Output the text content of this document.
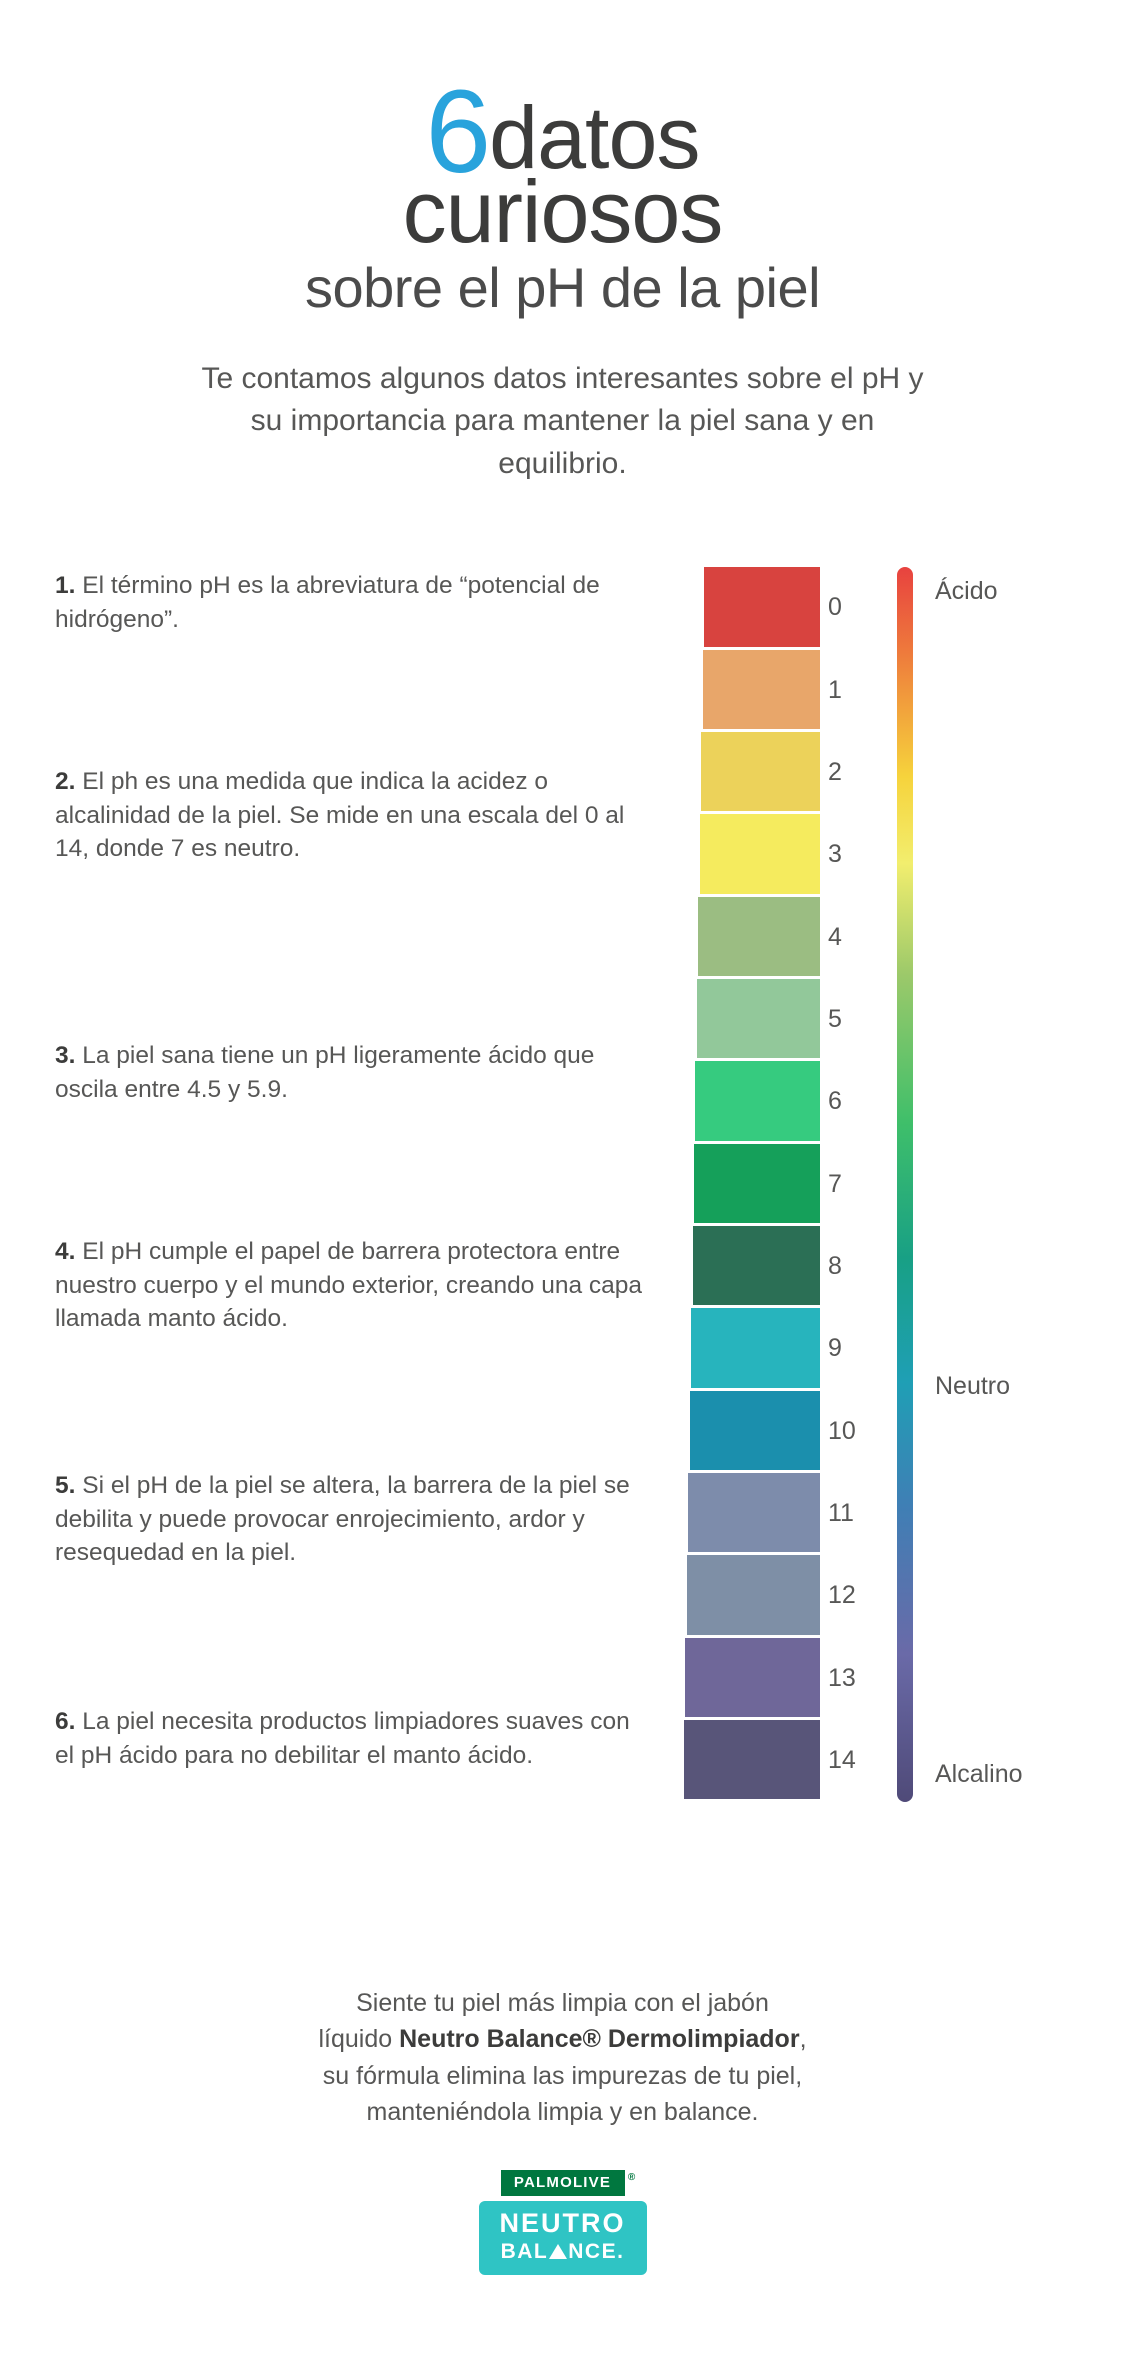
6datos
curiosos
sobre el pH de la piel
Te contamos algunos datos interesantes sobre el pH y su importancia para mantener la piel sana y en equilibrio.
1. El término pH es la abreviatura de “potencial de hidrógeno”.
2. El ph es una medida que indica la acidez o alcalinidad de la piel. Se mide en una escala del 0 al 14, donde 7 es neutro.
3. La piel sana tiene un pH ligeramente ácido que oscila entre 4.5 y 5.9.
4. El pH cumple el papel de barrera protectora entre nuestro cuerpo y el mundo exterior, creando una capa llamada manto ácido.
5. Si el pH de la piel se altera, la barrera de la piel se debilita y puede provocar enrojecimiento, ardor y resequedad en la piel.
6. La piel necesita productos limpiadores suaves con el pH ácido para no debilitar el manto ácido.
0
1
2
3
4
5
6
7
8
9
10
11
12
13
14
Ácido
Neutro
Alcalino
Siente tu piel más limpia con el jabón
líquido Neutro Balance® Dermolimpiador,
su fórmula elimina las impurezas de tu piel,
manteniéndola limpia y en balance.
PALMOLIVE ®
NEUTRO
BAL NCE.
